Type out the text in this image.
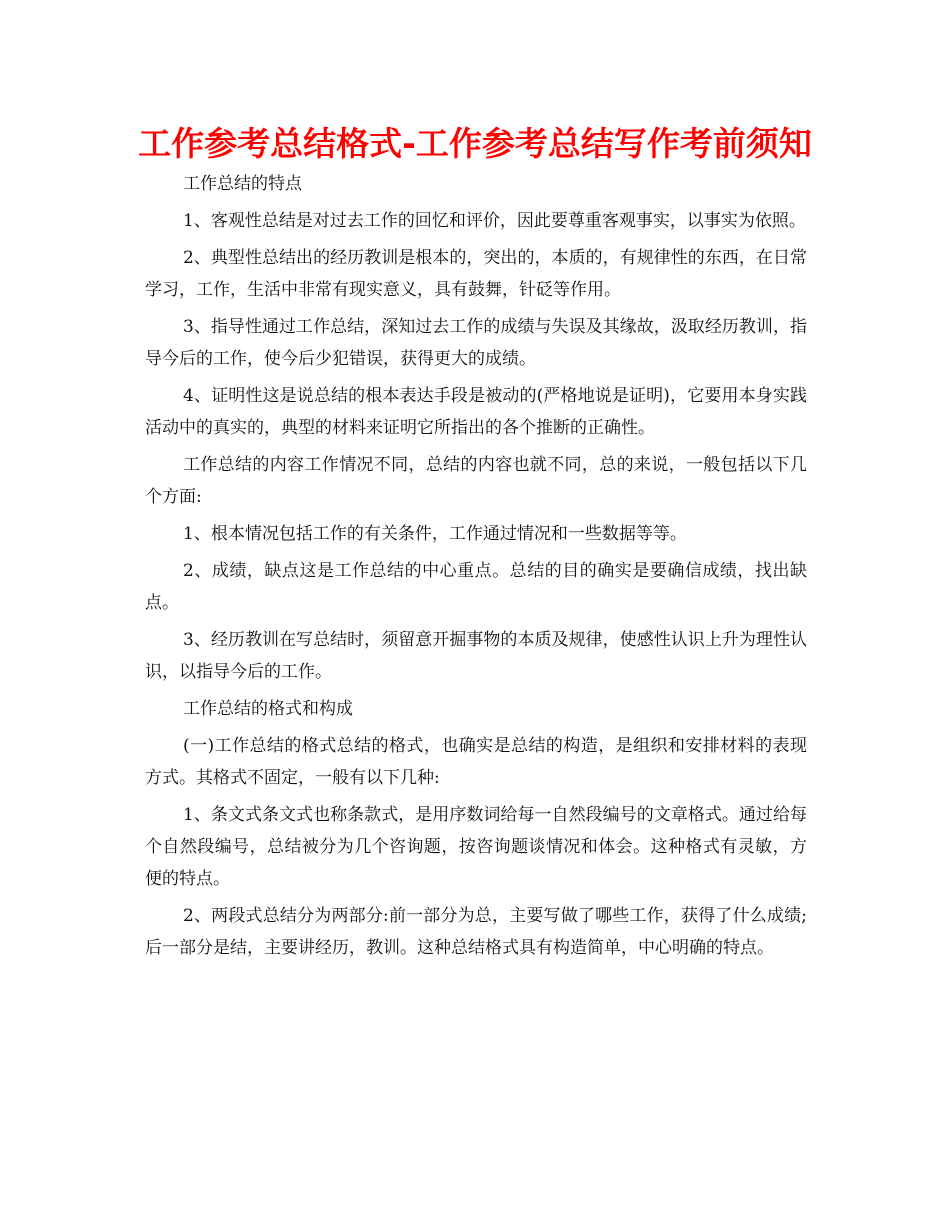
工作参考总结格式-工作参考总结写作考前须知

工作总结的特点

1、客观性总结是对过去工作的回忆和评价，因此要尊重客观事实，以事实为依照。

2、典型性总结出的经历教训是根本的，突出的，本质的，有规律性的东西，在日常学习，工作，生活中非常有现实意义，具有鼓舞，针砭等作用。

3、指导性通过工作总结，深知过去工作的成绩与失误及其缘故，汲取经历教训，指导今后的工作，使今后少犯错误，获得更大的成绩。

4、证明性这是说总结的根本表达手段是被动的(严格地说是证明)，它要用本身实践活动中的真实的，典型的材料来证明它所指出的各个推断的正确性。

工作总结的内容工作情况不同，总结的内容也就不同，总的来说，一般包括以下几个方面:

1、根本情况包括工作的有关条件，工作通过情况和一些数据等等。

2、成绩，缺点这是工作总结的中心重点。总结的目的确实是要确信成绩，找出缺点。

3、经历教训在写总结时，须留意开掘事物的本质及规律，使感性认识上升为理性认识，以指导今后的工作。

工作总结的格式和构成

(一)工作总结的格式总结的格式，也确实是总结的构造，是组织和安排材料的表现方式。其格式不固定，一般有以下几种:

1、条文式条文式也称条款式，是用序数词给每一自然段编号的文章格式。通过给每个自然段编号，总结被分为几个咨询题，按咨询题谈情况和体会。这种格式有灵敏，方便的特点。

2、两段式总结分为两部分:前一部分为总，主要写做了哪些工作，获得了什么成绩;后一部分是结，主要讲经历，教训。这种总结格式具有构造简单，中心明确的特点。
